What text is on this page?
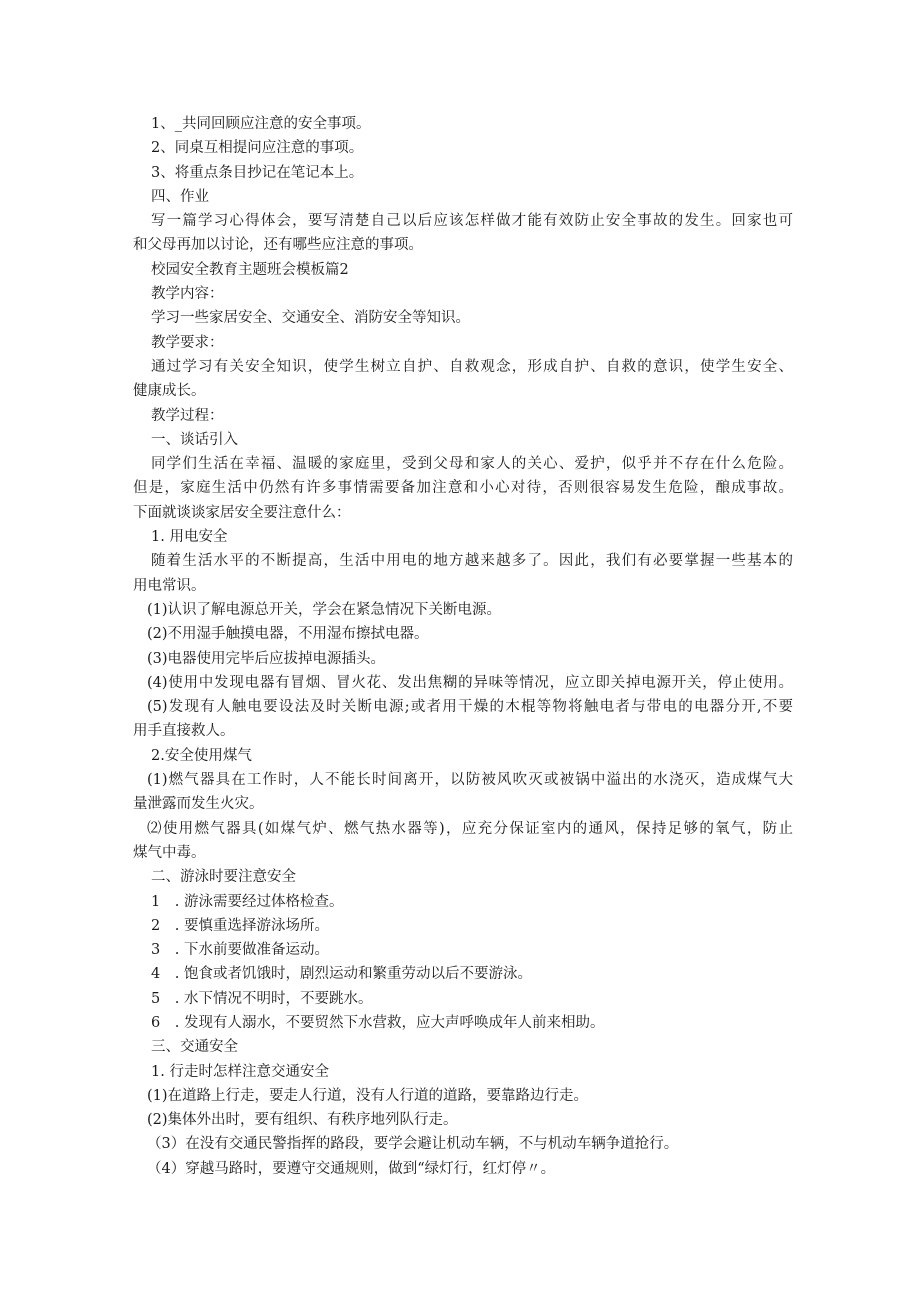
1、_共同回顾应注意的安全事项。
2、同桌互相提问应注意的事项。
3、将重点条目抄记在笔记本上。
四、作业
写一篇学习心得体会，要写清楚自己以后应该怎样做才能有效防止安全事故的发生。回家也可
和父母再加以讨论，还有哪些应注意的事项。
校园安全教育主题班会模板篇2
教学内容：
学习一些家居安全、交通安全、消防安全等知识。
教学要求：
通过学习有关安全知识，使学生树立自护、自救观念，形成自护、自救的意识，使学生安全、
健康成长。
教学过程：
一、谈话引入
同学们生活在幸福、温暖的家庭里，受到父母和家人的关心、爱护，似乎并不存在什么危险。
但是，家庭生活中仍然有许多事情需要备加注意和小心对待，否则很容易发生危险，酿成事故。
下面就谈谈家居安全要注意什么：
1. 用电安全
随着生活水平的不断提高，生活中用电的地方越来越多了。因此，我们有必要掌握一些基本的
用电常识。
(1)认识了解电源总开关，学会在紧急情况下关断电源。
(2)不用湿手触摸电器，不用湿布擦拭电器。
(3)电器使用完毕后应拔掉电源插头。
(4)使用中发现电器有冒烟、冒火花、发出焦糊的异味等情况，应立即关掉电源开关，停止使用。
(5)发现有人触电要设法及时关断电源;或者用干燥的木棍等物将触电者与带电的电器分开,不要
用手直接救人。
2.安全使用煤气
(1)燃气器具在工作时，人不能长时间离开，以防被风吹灭或被锅中溢出的水浇灭，造成煤气大
量泄露而发生火灾。
⑵使用燃气器具(如煤气炉、燃气热水器等)，应充分保证室内的通风，保持足够的氧气，防止
煤气中毒。
二、游泳时要注意安全
1　. 游泳需要经过体格检查。
2　. 要慎重选择游泳场所。
3　. 下水前要做准备运动。
4　. 饱食或者饥饿时，剧烈运动和繁重劳动以后不要游泳。
5　. 水下情况不明时，不要跳水。
6　. 发现有人溺水，不要贸然下水营救，应大声呼唤成年人前来相助。
三、交通安全
1. 行走时怎样注意交通安全
(1)在道路上行走，要走人行道，没有人行道的道路，要靠路边行走。
(2)集体外出时，要有组织、有秩序地列队行走。
（3）在没有交通民警指挥的路段，要学会避让机动车辆，不与机动车辆争道抢行。
（4）穿越马路时，要遵守交通规则，做到“绿灯行，红灯停〃。
